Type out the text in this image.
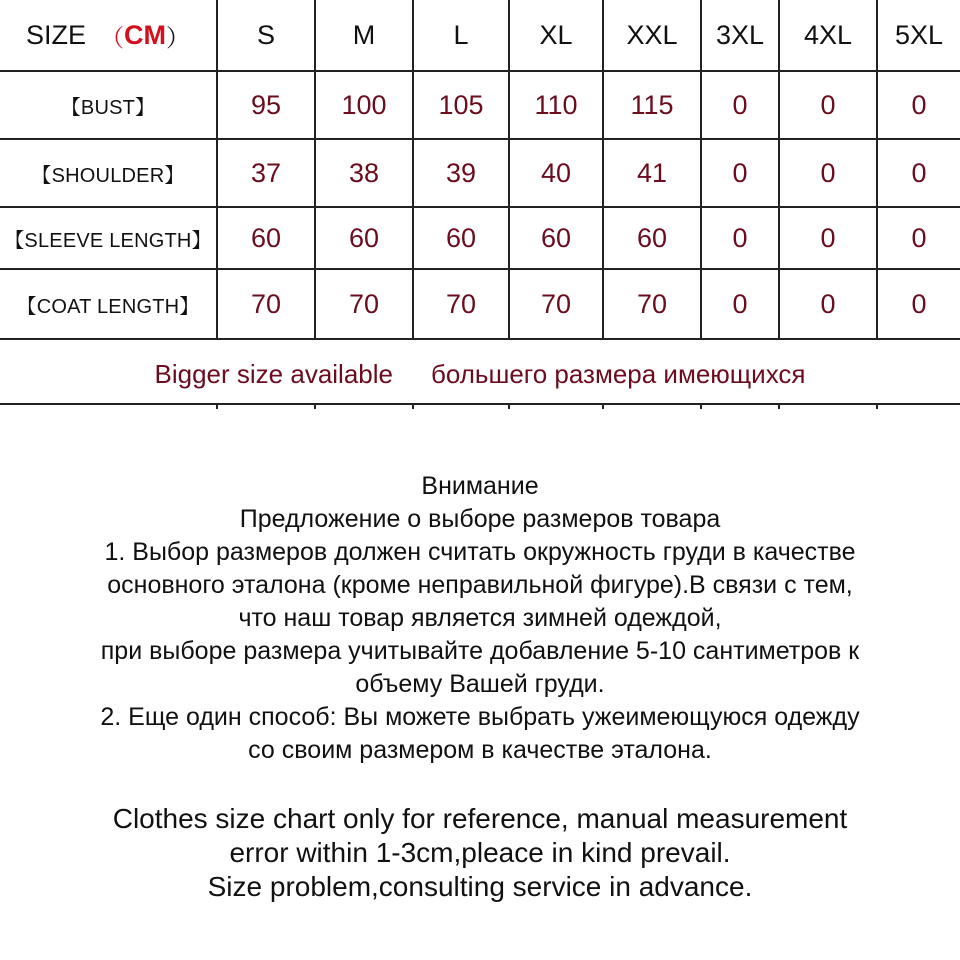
SIZE （ CM ）	S	M	L	XL	XXL	3XL	4XL	5XL
【BUST】	95	100	105	110	115	0	0	0
【SHOULDER】	37	38	39	40	41	0	0	0
【SLEEVE LENGTH】	60	60	60	60	60	0	0	0
【COAT LENGTH】	70	70	70	70	70	0	0	0
Bigger size available большего размера имеющихся
Внимание
Предложение о выборе размеров товара
1. Выбор размеров должен считать окружность груди в качестве
основного эталона (кроме неправильной фигуре).В связи с тем,
что наш товар является зимней одеждой,
при выборе размера учитывайте добавление 5-10 сантиметров к
объему Вашей груди.
2. Еще один способ: Вы можете выбрать ужеимеющуюся одежду
со своим размером в качестве эталона.
Clothes size chart only for reference, manual measurement
error within 1-3cm,pleace in kind prevail.
Size problem,consulting service in advance.
